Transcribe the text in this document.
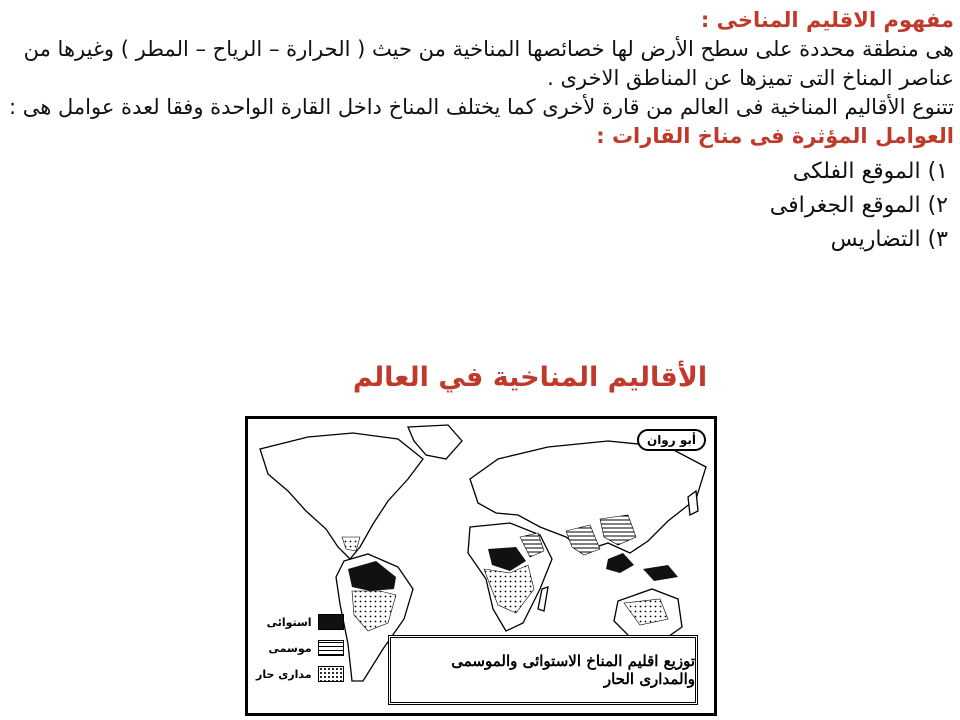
مفهوم الاقليم المناخى :

هى منطقة محددة على سطح الأرض لها خصائصها المناخية من حيث ( الحرارة – الرياح – المطر ) وغيرها من عناصر المناخ التى تميزها عن المناطق الاخرى .

تتنوع الأقاليم المناخية فى العالم من قارة لأخرى كما يختلف المناخ داخل القارة الواحدة وفقا لعدة عوامل هى :

العوامل المؤثرة فى مناخ القارات :
١) الموقع الفلكى
٢) الموقع الجغرافى
٣) التضاريس
الأقاليم المناخية في العالم
أبو روان
استوائى
موسمى
مدارى حار
توزيع اقليم المناخ الاستوائى والموسمى والمدارى الحار
